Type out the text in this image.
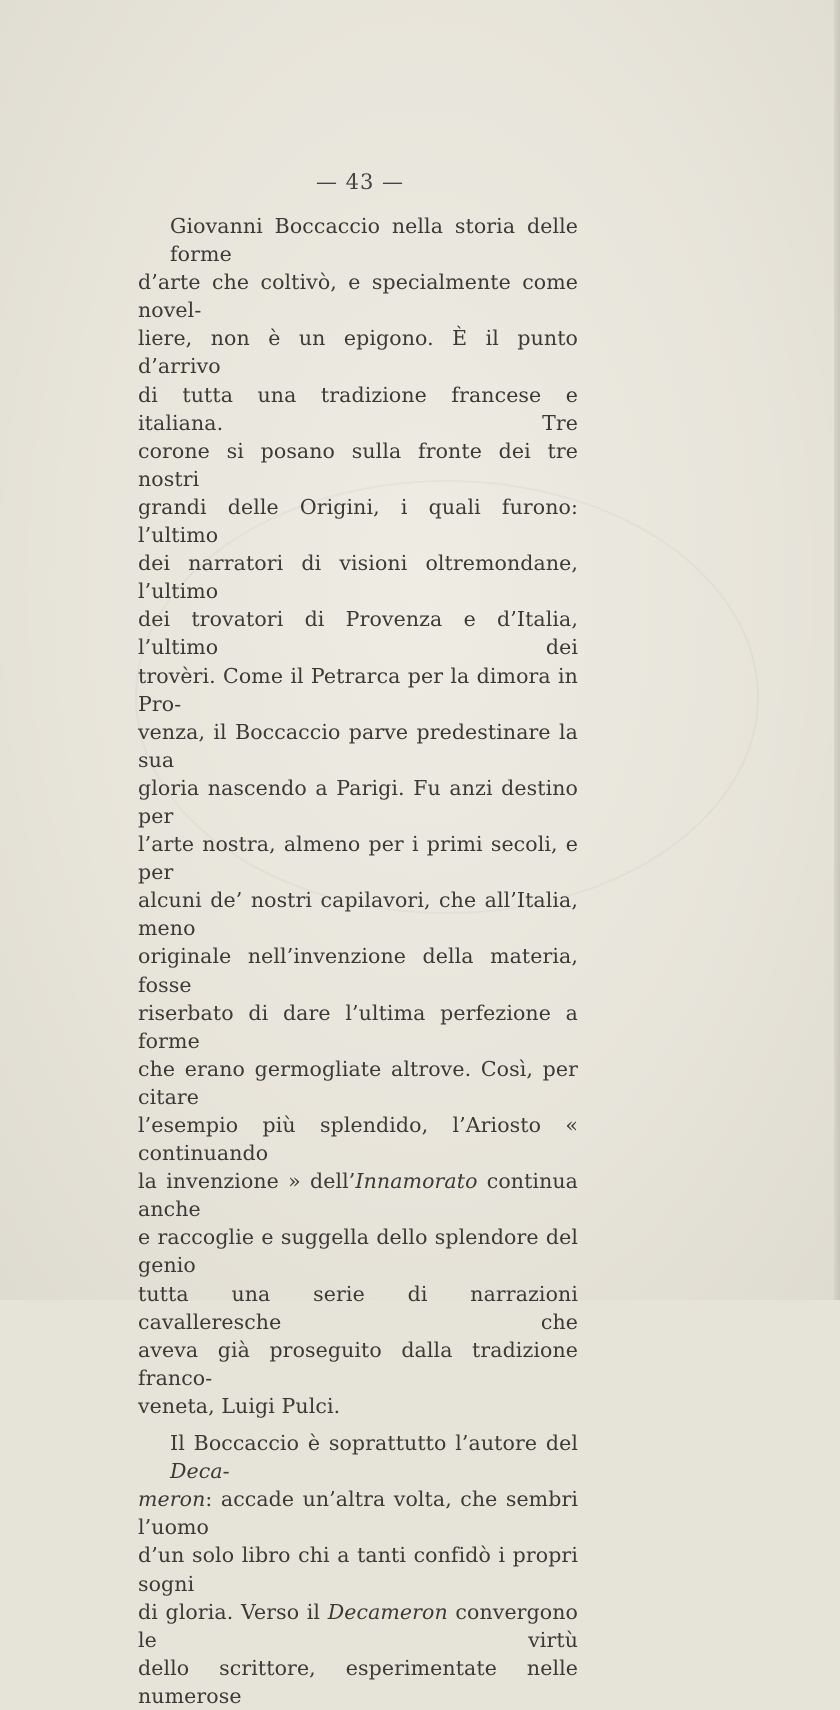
— 43 —

Giovanni Boccaccio nella storia delle forme
d’arte che coltivò, e specialmente come novel-
liere, non è un epigono. È il punto d’arrivo
di tutta una tradizione francese e italiana. Tre
corone si posano sulla fronte dei tre nostri
grandi delle Origini, i quali furono: l’ultimo
dei narratori di visioni oltremondane, l’ultimo
dei trovatori di Provenza e d’Italia, l’ultimo dei
trovèri. Come il Petrarca per la dimora in Pro-
venza, il Boccaccio parve predestinare la sua
gloria nascendo a Parigi. Fu anzi destino per
l’arte nostra, almeno per i primi secoli, e per
alcuni de’ nostri capilavori, che all’Italia, meno
originale nell’invenzione della materia, fosse
riserbato di dare l’ultima perfezione a forme
che erano germogliate altrove. Così, per citare
l’esempio più splendido, l’Ariosto « continuando
la invenzione » dell’Innamorato continua anche
e raccoglie e suggella dello splendore del genio
tutta una serie di narrazioni cavalleresche che
aveva già proseguito dalla tradizione franco-
veneta, Luigi Pulci.

Il Boccaccio è soprattutto l’autore del Deca-
meron: accade un’altra volta, che sembri l’uomo
d’un solo libro chi a tanti confidò i propri sogni
di gloria. Verso il Decameron convergono le virtù
dello scrittore, esperimentate nelle numerose
